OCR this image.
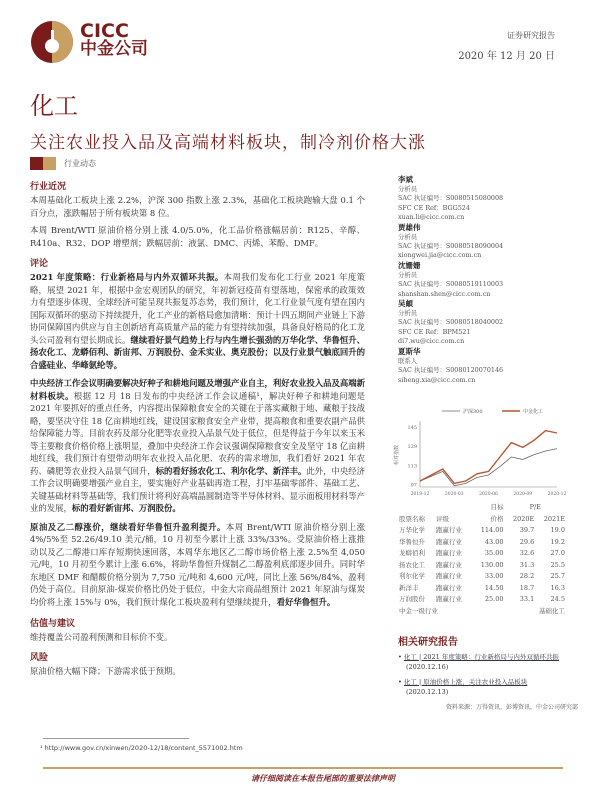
CICC
中金公司
证券研究报告
2020 年 12 月 20 日
化工
关注农业投入品及高端材料板块，制冷剂价格大涨
行业动态
行业近况

本周基础化工板块上涨 2.2%，沪深 300 指数上涨 2.3%，基础化工板块跑输大盘 0.1 个百分点，涨跌幅居于所有板块第 8 位。

本周 Brent/WTI 原油价格分别上涨 4.0/5.0%，化工品价格涨幅居前：R125、辛醇、R410a、R32、DOP 增塑剂；跌幅居前：液氯、DMC、丙烯、苯酚、DMF。

评论

2021 年度策略：行业新格局与内外双循环共振。本周我们发布化工行业 2021 年度策略，展望 2021 年，根据中金宏观团队的研究，年初新冠疫苗有望落地，保密承的政策效力有望逐步体现，全球经济可能呈现共振复苏态势，我们预计，化工行业景气度有望在国内国际双循环的驱动下持续提升，化工产业的新格局愈加清晰：预计十四五期间产业链上下游协同保障国内供应与自主创新培育高质量产品的能力有望持续加强，具备良好格局的化工龙头公司盈利有望长期成长。继续看好景气趋势上行与内生增长强劲的万华化学、华鲁恒升、扬农化工、龙蟒佰利、新宙邦、万润股份、金禾实业、奥克股份；以及行业景气触底回升的合盛硅业、华峰氨纶等。

中央经济工作会议明确要解决好种子和耕地问题及增强产业自主，利好农业投入品及高端新材料板块。根据 12 月 18 日发布的中央经济工作会议通稿¹，解决好种子和耕地问题是 2021 年要抓好的重点任务，内容提出保障粮食安全的关键在于落实藏粮于地、藏粮于技战略，要坚决守住 18 亿亩耕地红线，建设国家粮食安全产业带，提高粮食和重要农副产品供给保障能力等。目前农药及部分化肥等农业投入品景气处于低位，但是得益于今年以来玉米等主要粮食价格价格上涨明显，叠加中央经济工作会议强调保障粮食安全及坚守 18 亿亩耕地红线，我们预计有望带动明年农业投入品化肥、农药的需求增加，我们看好 2021 年农药、磷肥等农业投入品景气回升，标的看好扬农化工、利尔化学、新洋丰。此外，中央经济工作会议明确要增强产业自主，要实施好产业基础再造工程，打牢基础零部件、基础工艺、关键基础材料等基础等，我们预计将利好高端晶圆制造等半导体材料、显示面板用材料等产业的发展，标的看好新宙邦、万润股份。

原油及乙二醇涨价，继续看好华鲁恒升盈利提升。本周 Brent/WTI 原油价格分别上涨 4%/5%至 52.26/49.10 美元/桶，10 月初至今累计上涨 33%/33%。受原油价格上涨推动以及乙二醇港口库存短期快速回落，本周华东地区乙二醇市场价格上涨 2.5%至 4,050 元/吨，10 月初至今累计上涨 6.6%，将助华鲁恒升煤制乙二醇盈利底部逐步回升。同时华东地区 DMF 和醋酸价格分别为 7,750 元/吨和 4,600 元/吨，同比上涨 56%/84%，盈利仍处于高位。目前原油-煤炭价格比仍处于低位，中金大宗商品组预计 2021 年原油与煤炭均价将上涨 15%与 0%，我们预计煤化工板块盈利有望继续提升，看好华鲁恒升。

估值与建议

维持覆盖公司盈利预测和目标价不变。

风险

原油价格大幅下降；下游需求低于预期。

李斌
分析员
SAC 执证编号：S0080515080008
SFC CE Ref：BGG524
xuan.li@cicc.com.cn
贾雄伟
分析员
SAC 执证编号：S0080518090004
xiongwei.jia@cicc.com.cn
沈姗姗
分析员
SAC 执证编号：S0080519110003
shanshan.shen@cicc.com.cn
吴頔
分析员
SAC 执证编号：S0080518040002
SFC CE Ref：BPM521
di7.wu@cicc.com.cn
夏斯华
联系人
SAC 执证编号：S0080120070146
siheng.xia@cicc.com.cn
97
113
129
145
相对指数
2019-12	2020-03	2020-06	2020-09	2020-12
沪深300	中金化工
		目标	P/E	
股票名称	评级	价格	2020E	2021E
万华化学	跑赢行业	114.00	39.7	19.0
华鲁恒升	跑赢行业	43.00	29.6	19.2
龙蟒佰利	跑赢行业	35.00	32.6	27.0
扬农化工	跑赢行业	130.00	31.3	25.5
利尔化学	跑赢行业	33.00	28.2	25.7
新洋丰	跑赢行业	14.50	18.7	16.3
万润股份	跑赢行业	25.00	33.1	24.5
中金一级行业		基础化工		
相关研究报告
• 化工 | 2021 年度策略：行业新格局与内外双循环共振
(2020.12.16)
• 化工 | 原油价格上涨，关注农业投入品板块
(2020.12.13)
资料来源：万得资讯，彭博资讯，中金公司研究部
¹ http://www.gov.cn/xinwen/2020-12/18/content_5571002.htm
请仔细阅读在本报告尾部的重要法律声明
